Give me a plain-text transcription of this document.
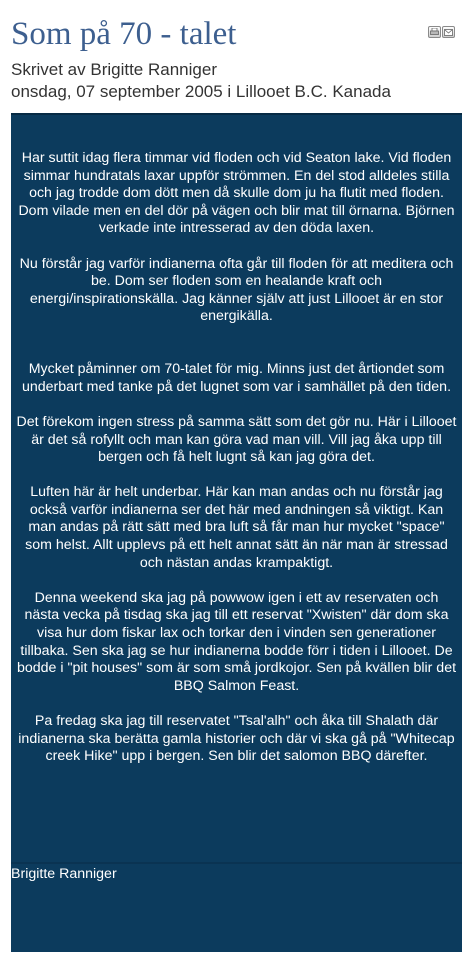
Som på 70 - talet
Skrivet av Brigitte Ranniger
onsdag, 07 september 2005 i Lillooet B.C. Kanada

Har suttit idag flera timmar vid floden och vid Seaton lake. Vid floden simmar hundratals laxar uppför strömmen. En del stod alldeles stilla och jag trodde dom dött men då skulle dom ju ha flutit med floden. Dom vilade men en del dör på vägen och blir mat till örnarna. Björnen verkade inte intresserad av den döda laxen.

Nu förstår jag varför indianerna ofta går till floden för att meditera och be. Dom ser floden som en healande kraft och energi/inspirationskälla. Jag känner själv att just Lillooet är en stor energikälla.

Mycket påminner om 70-talet för mig. Minns just det årtiondet som underbart med tanke på det lugnet som var i samhället på den tiden.

Det förekom ingen stress på samma sätt som det gör nu. Här i Lillooet är det så rofyllt och man kan göra vad man vill. Vill jag åka upp till bergen och få helt lugnt så kan jag göra det.

Luften här är helt underbar. Här kan man andas och nu förstår jag också varför indianerna ser det här med andningen så viktigt. Kan man andas på rätt sätt med bra luft så får man hur mycket "space" som helst. Allt upplevs på ett helt annat sätt än när man är stressad och nästan andas krampaktigt.

Denna weekend ska jag på powwow igen i ett av reservaten och nästa vecka på tisdag ska jag till ett reservat "Xwisten" där dom ska visa hur dom fiskar lax och torkar den i vinden sen generationer tillbaka. Sen ska jag se hur indianerna bodde förr i tiden i Lillooet. De bodde i "pit houses" som är som små jordkojor. Sen på kvällen blir det BBQ Salmon Feast.

Pa fredag ska jag till reservatet "Tsal'alh" och åka till Shalath där indianerna ska berätta gamla historier och där vi ska gå på "Whitecap creek Hike" upp i bergen. Sen blir det salomon BBQ därefter.

Brigitte Ranniger
